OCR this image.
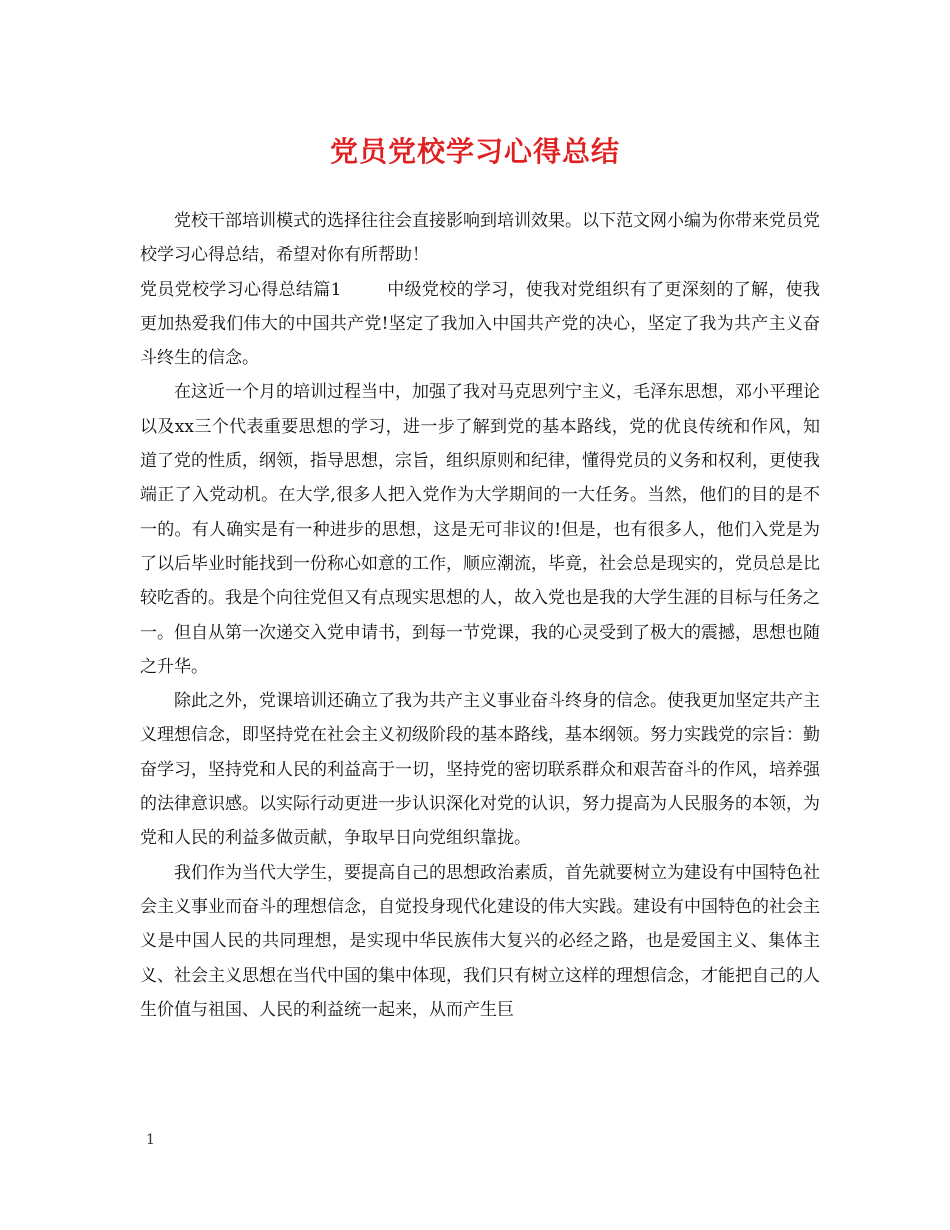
党员党校学习心得总结

党校干部培训模式的选择往往会直接影响到培训效果。以下范文网小编为你带来党员党校学习心得总结，希望对你有所帮助！

党员党校学习心得总结篇1	中级党校的学习，使我对党组织有了更深刻的了解，使我更加热爱我们伟大的中国共产党!坚定了我加入中国共产党的决心，坚定了我为共产主义奋斗终生的信念。

在这近一个月的培训过程当中，加强了我对马克思列宁主义，毛泽东思想，邓小平理论以及xx三个代表重要思想的学习，进一步了解到党的基本路线，党的优良传统和作风，知道了党的性质，纲领，指导思想，宗旨，组织原则和纪律，懂得党员的义务和权利，更使我端正了入党动机。在大学,很多人把入党作为大学期间的一大任务。当然，他们的目的是不一的。有人确实是有一种进步的思想，这是无可非议的!但是，也有很多人，他们入党是为了以后毕业时能找到一份称心如意的工作，顺应潮流，毕竟，社会总是现实的，党员总是比较吃香的。我是个向往党但又有点现实思想的人，故入党也是我的大学生涯的目标与任务之一。但自从第一次递交入党申请书，到每一节党课，我的心灵受到了极大的震撼，思想也随之升华。

除此之外，党课培训还确立了我为共产主义事业奋斗终身的信念。使我更加坚定共产主义理想信念，即坚持党在社会主义初级阶段的基本路线，基本纲领。努力实践党的宗旨：勤奋学习，坚持党和人民的利益高于一切，坚持党的密切联系群众和艰苦奋斗的作风，培养强的法律意识感。以实际行动更进一步认识深化对党的认识，努力提高为人民服务的本领，为党和人民的利益多做贡献，争取早日向党组织靠拢。

我们作为当代大学生，要提高自己的思想政治素质，首先就要树立为建设有中国特色社会主义事业而奋斗的理想信念，自觉投身现代化建设的伟大实践。建设有中国特色的社会主义是中国人民的共同理想，是实现中华民族伟大复兴的必经之路，也是爱国主义、集体主义、社会主义思想在当代中国的集中体现，我们只有树立这样的理想信念，才能把自己的人生价值与祖国、人民的利益统一起来，从而产生巨

1
